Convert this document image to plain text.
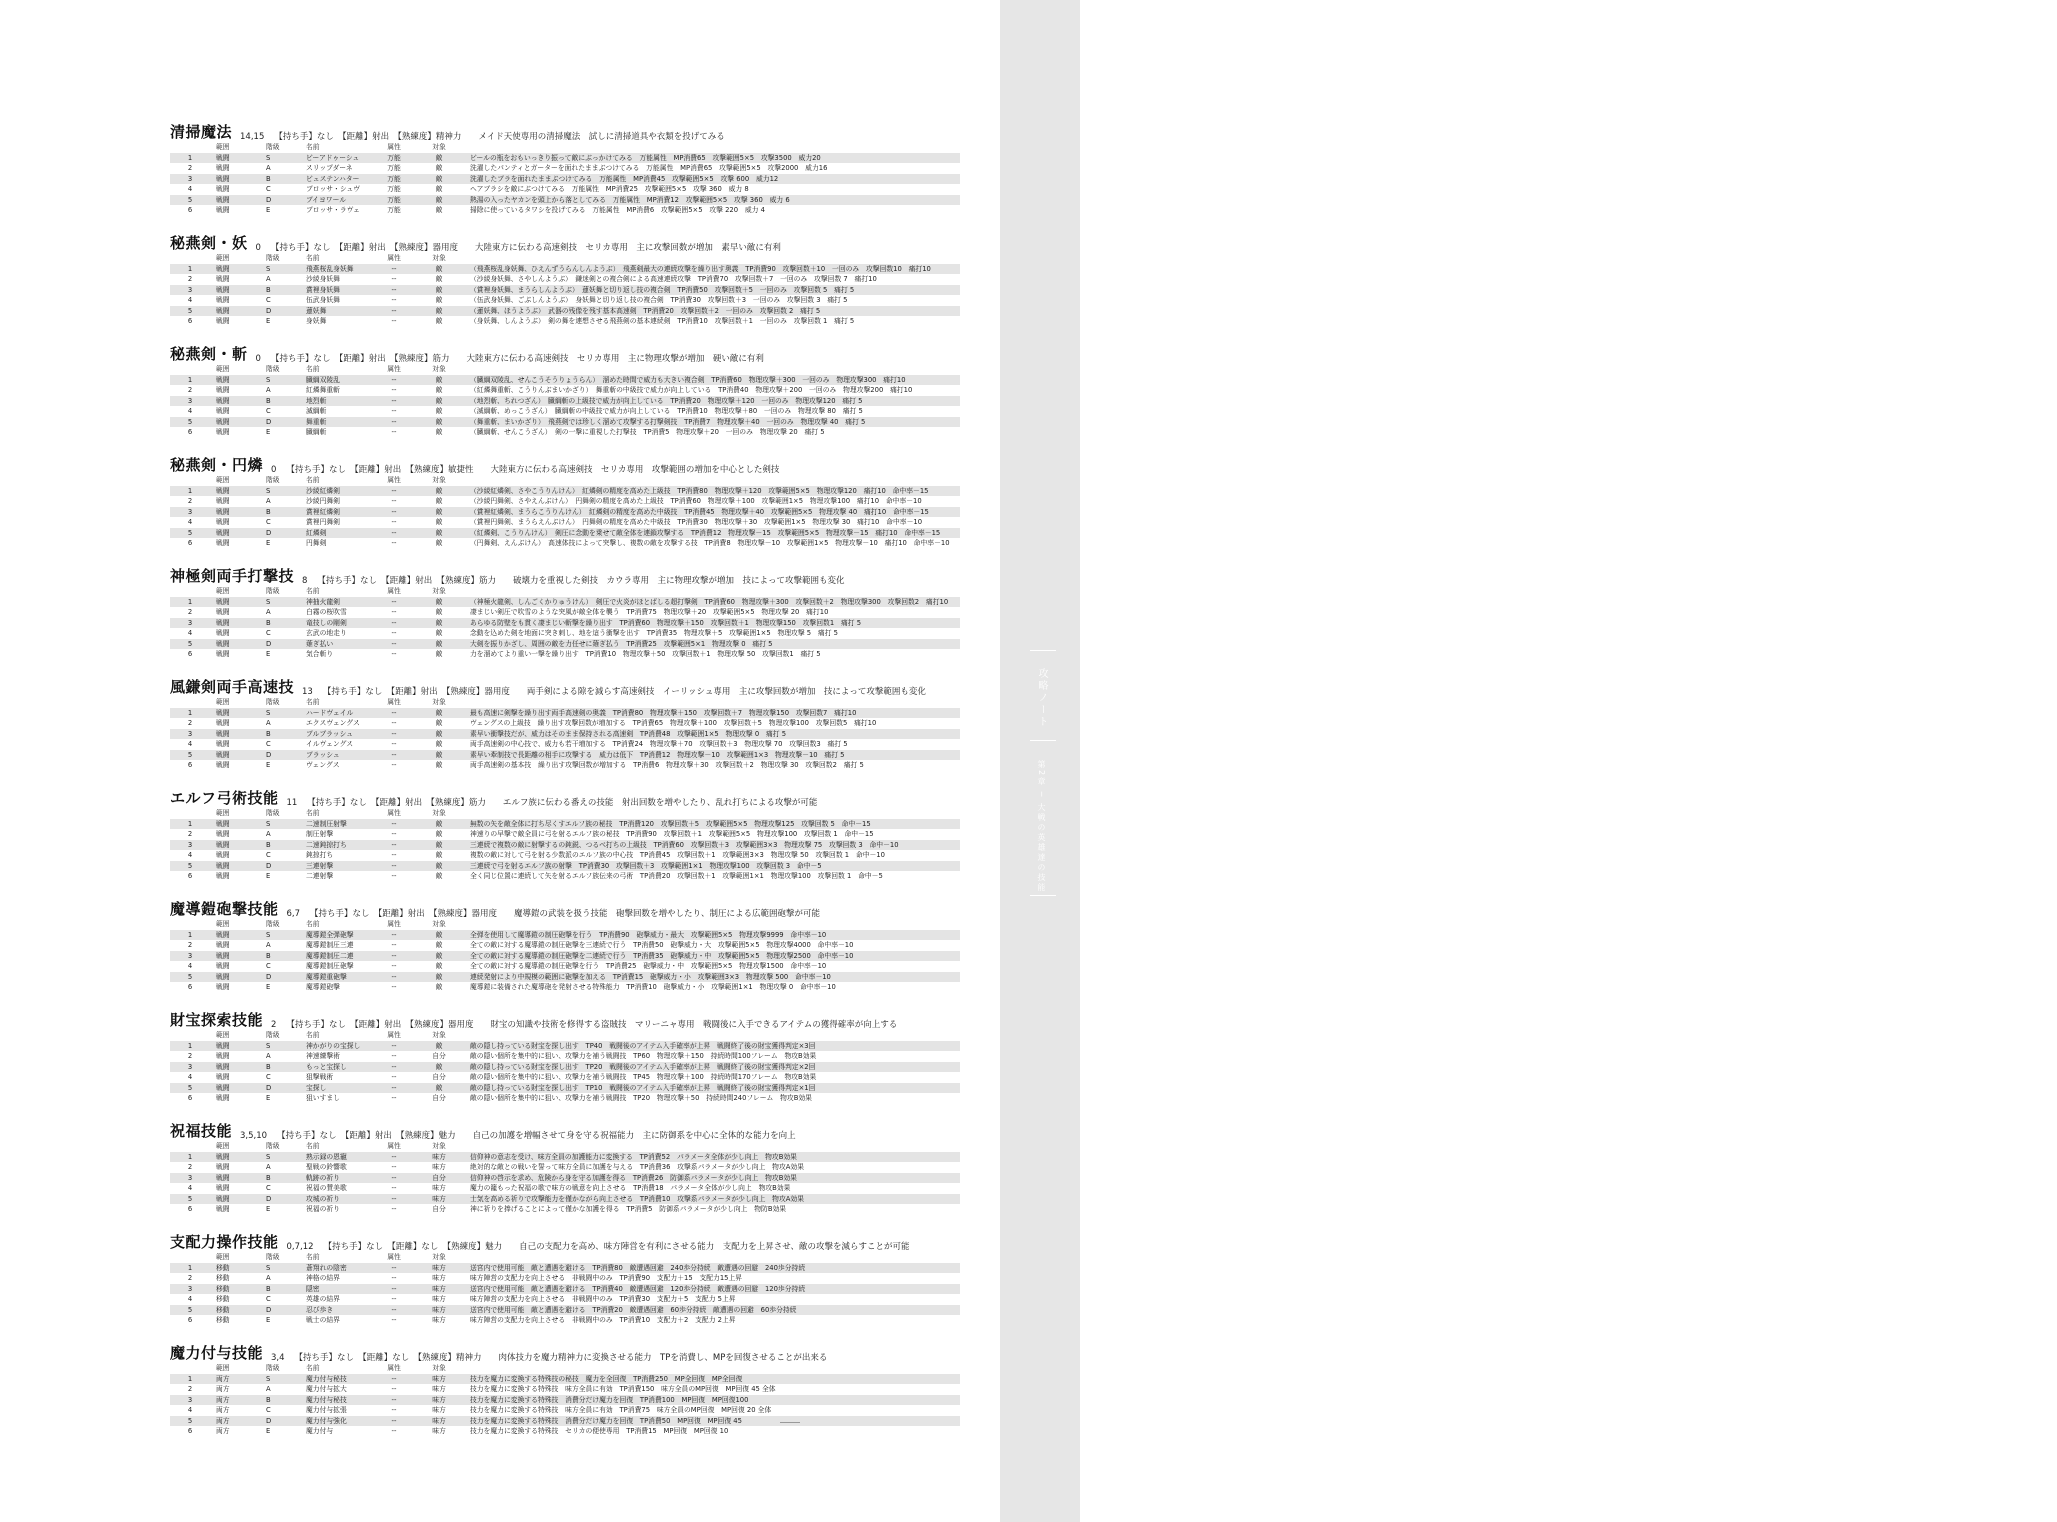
清掃魔法 14,15 【持ち手】なし　【距離】射出　【熟練度】精神力　　メイド天使専用の清掃魔法　試しに清掃道具や衣類を投げてみる
範囲	階級	名前	属性	対象
1	戦闘	S	ビーアドゥーシュ	万能	敵	ビールの瓶をおもいっきり振って敵にぶっかけてみる　万能属性　MP消費65　攻撃範囲5×5　攻撃3500　威力20
2	戦闘	A	スリップダーネ	万能	敵	洗濯したパンティとガーターを面れたままぶつけてみる　万能属性　MP消費65　攻撃範囲5×5　攻撃2000　威力16
3	戦闘	B	ビュステンハター	万能	敵	洗濯したブラを面れたままぶつけてみる　万能属性　MP消費45　攻撃範囲5×5　攻撃 600　威力12
4	戦闘	C	ブロッサ・シュヴ	万能	敵	ヘアブラシを敵にぶつけてみる　万能属性　MP消費25　攻撃範囲5×5　攻撃 360　威力 8
5	戦闘	D	ブイヨワール	万能	敵	熱湯の入ったヤカンを頭上から落としてみる　万能属性　MP消費12　攻撃範囲5×5　攻撃 360　威力 6
6	戦闘	E	ブロッサ・ラヴェ	万能	敵	掃除に使っているタワシを投げてみる　万能属性　MP消費6　攻撃範囲5×5　攻撃 220　威力 4
秘燕剣・妖 0 【持ち手】なし　【距離】射出　【熟練度】器用度　　大陸東方に伝わる高速剣技　セリカ専用　主に攻撃回数が増加　素早い敵に有利
範囲	階級	名前	属性	対象
1	戦闘	S	飛燕桜乱身妖舞	--	敵	（飛燕桜乱身妖舞、ひえんずうらんしんようぶ）　飛燕剣最大の連続攻撃を繰り出す奥義　TP消費90　攻撃回数＋10　一回のみ　攻撃回数10　痛打10
2	戦闘	A	沙綾身妖舞	--	敵	（沙綾身妖舞、さやしんようぶ）　鎌迷剣との複合剣による高速連続攻撃　TP消費70　攻撃回数＋7　一回のみ　攻撃回数 7　痛打10
3	戦闘	B	賞裡身妖舞	--	敵	（賞裡身妖舞、まうらしんようぶ）　蓮妖舞と切り返し技の複合剣　TP消費50　攻撃回数＋5　一回のみ　攻撃回数 5　痛打 5
4	戦闘	C	伍武身妖舞	--	敵	（伍武身妖舞、ごぶしんようぶ）　身妖舞と切り返し技の複合剣　TP消費30　攻撃回数＋3　一回のみ　攻撃回数 3　痛打 5
5	戦闘	D	蓮妖舞	--	敵	（蓮妖舞、ほうようぶ）　武器の残像を残す基本高速剣　TP消費20　攻撃回数＋2　一回のみ　攻撃回数 2　痛打 5
6	戦闘	E	身妖舞	--	敵	（身妖舞、しんようぶ）　剣の舞を連想させる飛燕剣の基本連続剣　TP消費10　攻撃回数＋1　一回のみ　攻撃回数 1　痛打 5
秘燕剣・斬 0 【持ち手】なし　【距離】射出　【熟練度】筋力　　大陸東方に伝わる高速剣技　セリカ専用　主に物理攻撃が増加　硬い敵に有利
範囲	階級	名前	属性	対象
1	戦闘	S	臓綱双陵乱	--	敵	（臓綱双陵乱、せんこうそうりょうらん）　溜めた時間で威力も大きい複合剣　TP消費60　物理攻撃＋300　一回のみ　物理攻撃300　痛打10
2	戦闘	A	紅燐舞重斬	--	敵	（紅燐舞重斬、こうりんぶまいかざり）　舞重斬の中級技で威力が向上している　TP消費40　物理攻撃＋200　一回のみ　物理攻撃200　痛打10
3	戦闘	B	地烈斬	--	敵	（地烈斬、ちれつざん）　臓綱斬の上級技で威力が向上している　TP消費20　物理攻撃＋120　一回のみ　物理攻撃120　痛打 5
4	戦闘	C	滅綱斬	--	敵	（滅綱斬、めっこうざん）　臓綱斬の中級技で威力が向上している　TP消費10　物理攻撃＋80　一回のみ　物理攻撃 80　痛打 5
5	戦闘	D	舞重斬	--	敵	（舞重斬、まいかざり）　飛燕剣では珍しく溜めて攻撃する打撃剣技　TP消費7　物理攻撃＋40　一回のみ　物理攻撃 40　痛打 5
6	戦闘	E	臓綱斬	--	敵	（臓綱斬、せんこうざん）　剣の一撃に重視した打撃技　TP消費5　物理攻撃＋20　一回のみ　物理攻撃 20　痛打 5
秘燕剣・円燐 0 【持ち手】なし　【距離】射出　【熟練度】敏捷性　　大陸東方に伝わる高速剣技　セリカ専用　攻撃範囲の増加を中心とした剣技
範囲	階級	名前	属性	対象
1	戦闘	S	沙綾紅燐剣	--	敵	（沙綾紅燐剣、さやこうりんけん）　紅燐剣の精度を高めた上級技　TP消費80　物理攻撃＋120　攻撃範囲5×5　物理攻撃120　痛打10　命中率－15
2	戦闘	A	沙綾円舞剣	--	敵	（沙綾円舞剣、さやえんぶけん）　円舞剣の精度を高めた上級技　TP消費60　物理攻撃＋100　攻撃範囲1×5　物理攻撃100　痛打10　命中率－10
3	戦闘	B	賞裡紅燐剣	--	敵	（賞裡紅燐剣、まうらこうりんけん）　紅燐剣の精度を高めた中級技　TP消費45　物理攻撃＋40　攻撃範囲5×5　物理攻撃 40　痛打10　命中率－15
4	戦闘	C	賞裡円舞剣	--	敵	（賞裡円舞剣、まうらえんぶけん）　円舞剣の精度を高めた中級技　TP消費30　物理攻撃＋30　攻撃範囲1×5　物理攻撃 30　痛打10　命中率－10
5	戦闘	D	紅燐剣	--	敵	（紅燐剣、こうりんけん）　剣圧に念動を乗せて敵全体を連鎖攻撃する　TP消費12　物理攻撃－15　攻撃範囲5×5　物理攻撃－15　痛打10　命中率－15
6	戦闘	E	円舞剣	--	敵	（円舞剣、えんぶけん）　高速体技によって突撃し、複数の敵を攻撃する技　TP消費8　物理攻撃－10　攻撃範囲1×5　物理攻撃－10　痛打10　命中率－10
神極剣両手打撃技 8 【持ち手】なし　【距離】射出　【熟練度】筋力　　破壊力を重視した剣技　カウラ専用　主に物理攻撃が増加　技によって攻撃範囲も変化
範囲	階級	名前	属性	対象
1	戦闘	S	神抽火龍剣	--	敵	（神極火龍剣、しんごくかりゅうけん）　剣圧で火炎がほとばしる超打撃剣　TP消費60　物理攻撃＋300　攻撃回数＋2　物理攻撃300　攻撃回数2　痛打10
2	戦闘	A	白霧の桜吹雪	--	敵	凄まじい剣圧で吹雪のような突風が敵全体を襲う　TP消費75　物理攻撃＋20　攻撃範囲5×5　物理攻撃 20　痛打10
3	戦闘	B	竜技しの剛剣	--	敵	あらゆる防壁をも貫く凄まじい斬撃を繰り出す　TP消費60　物理攻撃＋150　攻撃回数＋1　物理攻撃150　攻撃回数1　痛打 5
4	戦闘	C	玄武の地走り	--	敵	念動を込めた剣を地面に突き刺し、地を這う衝撃を出す　TP消費35　物理攻撃＋5　攻撃範囲1×5　物理攻撃 5　痛打 5
5	戦闘	D	薙ぎ払い	--	敵	大剣を振りかざし、周囲の敵を力任せに薙ぎ払う　TP消費25　攻撃範囲5×1　物理攻撃 0　痛打 5
6	戦闘	E	気合斬り	--	敵	力を溜めてより重い一撃を繰り出す　TP消費10　物理攻撃＋50　攻撃回数＋1　物理攻撃 50　攻撃回数1　痛打 5
風鎌剣両手高速技 13 【持ち手】なし　【距離】射出　【熟練度】器用度　　両手剣による隙を減らす高速剣技　イーリッシュ専用　主に攻撃回数が増加　技によって攻撃範囲も変化
範囲	階級	名前	属性	対象
1	戦闘	S	ハードヴェイル	--	敵	最も高速に剣撃を繰り出す両手高速剣の奥義　TP消費80　物理攻撃＋150　攻撃回数＋7　物理攻撃150　攻撃回数7　痛打10
2	戦闘	A	エクスヴェングス	--	敵	ヴェングスの上級技　繰り出す攻撃回数が増加する　TP消費65　物理攻撃＋100　攻撃回数＋5　物理攻撃100　攻撃回数5　痛打10
3	戦闘	B	ブルブラッシュ	--	敵	素早い衝撃技だが、威力はそのまま保持される高速剣　TP消費48　攻撃範囲1×5　物理攻撃 0　痛打 5
4	戦闘	C	イルヴェングス	--	敵	両手高速剣の中心技で、威力も若干増加する　TP消費24　物理攻撃＋70　攻撃回数＋3　物理攻撃 70　攻撃回数3　痛打 5
5	戦闘	D	ブラッシュ	--	敵	素早い牽制技で長距離の相手に攻撃する　威力は低下　TP消費12　物理攻撃－10　攻撃範囲1×3　物理攻撃－10　痛打 5
6	戦闘	E	ヴェングス	--	敵	両手高速剣の基本技　繰り出す攻撃回数が増加する　TP消費6　物理攻撃＋30　攻撃回数＋2　物理攻撃 30　攻撃回数2　痛打 5
エルフ弓術技能 11 【持ち手】なし　【距離】射出　【熟練度】筋力　　エルフ族に伝わる番えの技能　射出回数を増やしたり、乱れ打ちによる攻撃が可能
範囲	階級	名前	属性	対象
1	戦闘	S	二速制圧射撃	--	敵	無数の矢を敵全体に打ち尽くすエルフ族の秘技　TP消費120　攻撃回数＋5　攻撃範囲5×5　物理攻撃125　攻撃回数 5　命中－15
2	戦闘	A	制圧射撃	--	敵	神速りの早撃で敵全員に弓を射るエルフ族の秘技　TP消費90　攻撃回数＋1　攻撃範囲5×5　物理攻撃100　攻撃回数 1　命中－15
3	戦闘	B	二速鈍掠打ち	--	敵	三連続で複数の敵に射撃するの鈍鋭、つるべ打ちの上級技　TP消費60　攻撃回数＋3　攻撃範囲3×3　物理攻撃 75　攻撃回数 3　命中－10
4	戦闘	C	鈍掠打ち	--	敵	複数の敵に対して弓を射る少数派のエルフ族の中心技　TP消費45　攻撃回数＋1　攻撃範囲3×3　物理攻撃 50　攻撃回数 1　命中－10
5	戦闘	D	三連射撃	--	敵	三連続で弓を射るエルフ族の射撃　TP消費30　攻撃回数＋3　攻撃範囲1×1　物理攻撃100　攻撃回数 3　命中－5
6	戦闘	E	二連射撃	--	敵	全く同じ位置に連続して矢を射るエルフ族伝来の弓術　TP消費20　攻撃回数＋1　攻撃範囲1×1　物理攻撃100　攻撃回数 1　命中－5
魔導鎧砲撃技能 6,7 【持ち手】なし　【距離】射出　【熟練度】器用度　　魔導鎧の武装を扱う技能　砲撃回数を増やしたり、制圧による広範囲砲撃が可能
範囲	階級	名前	属性	対象
1	戦闘	S	魔導鎧全弾砲撃	--	敵	全弾を使用して魔導鎧の制圧砲撃を行う　TP消費90　砲撃威力・最大　攻撃範囲5×5　物理攻撃9999　命中率－10
2	戦闘	A	魔導鎧制圧三連	--	敵	全ての敵に対する魔導鎧の制圧砲撃を三連続で行う　TP消費50　砲撃威力・大　攻撃範囲5×5　物理攻撃4000　命中率－10
3	戦闘	B	魔導鎧制圧二連	--	敵	全ての敵に対する魔導鎧の制圧砲撃を二連続で行う　TP消費35　砲撃威力・中　攻撃範囲5×5　物理攻撃2500　命中率－10
4	戦闘	C	魔導鎧制圧砲撃	--	敵	全ての敵に対する魔導鎧の制圧砲撃を行う　TP消費25　砲撃威力・中　攻撃範囲5×5　物理攻撃1500　命中率－10
5	戦闘	D	魔導鎧重砲撃	--	敵	連続発射により中規模の範囲に砲撃を加える　TP消費15　砲撃威力・小　攻撃範囲3×3　物理攻撃 500　命中率－10
6	戦闘	E	魔導鎧砲撃	--	敵	魔導鎧に装備された魔導砲を発射させる特殊能力　TP消費10　砲撃威力・小　攻撃範囲1×1　物理攻撃 0　命中率－10
財宝探索技能 2 【持ち手】なし　【距離】射出　【熟練度】器用度　　財宝の知識や技術を修得する盗賊技　マリーニャ専用　戦闘後に入手できるアイテムの獲得確率が向上する
範囲	階級	名前	属性	対象
1	戦闘	S	神かがりの宝探し	--	敵	敵の隠し持っている財宝を探し出す　TP40　戦闘後のアイテム入手確率が上昇　戦闘終了後の財宝獲得判定×3回
2	戦闘	A	神速練撃術	--	自分	敵の隠い個所を集中的に狙い、攻撃力を補う戦闘技　TP60　物理攻撃＋150　持続時間100フレーム　物攻B効果
3	戦闘	B	もっと宝探し	--	敵	敵の隠し持っている財宝を探し出す　TP20　戦闘後のアイテム入手確率が上昇　戦闘終了後の財宝獲得判定×2回
4	戦闘	C	狙撃戦術	--	自分	敵の隠い個所を集中的に狙い、攻撃力を補う戦闘技　TP45　物理攻撃＋100　持続時間170フレーム　物攻B効果
5	戦闘	D	宝探し	--	敵	敵の隠し持っている財宝を探し出す　TP10　戦闘後のアイテム入手確率が上昇　戦闘終了後の財宝獲得判定×1回
6	戦闘	E	狙いすまし	--	自分	敵の隠い個所を集中的に狙い、攻撃力を補う戦闘技　TP20　物理攻撃＋50　持続時間240フレーム　物攻B効果
祝福技能 3,5,10 【持ち手】なし　【距離】射出　【熟練度】魅力　　自己の加護を増幅させて身を守る祝福能力　主に防御系を中心に全体的な能力を向上
範囲	階級	名前	属性	対象
1	戦闘	S	熟示録の恩寵	--	味方	信仰神の意志を受け、味方全員の加護能力に変換する　TP消費52　パラメータ全体が少し向上　物攻B効果
2	戦闘	A	聖戦の鈴響歌	--	味方	絶対的な敵との戦いを誓って味方全員に加護を与える　TP消費36　攻撃系パラメータが少し向上　物攻A効果
3	戦闘	B	軌跡の祈り	--	自分	信仰神の啓示を求め、危険から身を守る加護を得る　TP消費26　防御系パラメータが少し向上　物攻B効果
4	戦闘	C	祝福の賛美歌	--	味方	魔力の籠もった祝福の歌で味方の戦意を向上させる　TP消費18　パラメータ全体が少し向上　物攻B効果
5	戦闘	D	攻城の祈り	--	味方	士気を高める祈りで攻撃能力を僅かながら向上させる　TP消費10　攻撃系パラメータが少し向上　物攻A効果
6	戦闘	E	祝福の祈り	--	自分	神に祈りを捧げることによって僅かな加護を得る　TP消費5　防御系パラメータが少し向上　物防B効果
支配力操作技能 0,7,12 【持ち手】なし　【距離】なし　【熟練度】魅力　　自己の支配力を高め、味方陣営を有利にさせる能力　支配力を上昇させ、敵の攻撃を減らすことが可能
範囲	階級	名前	属性	対象
1	移動	S	蒼翔れの陰密	--	味方	送宮内で使用可能　敵と遭遇を避ける　TP消費80　敵遭遇回避　240歩分持続　敵遭遇の回避　240歩分持続
2	移動	A	神格の結界	--	味方	味方陣営の支配力を向上させる　非戦闘中のみ　TP消費90　支配力＋15　支配力15上昇
3	移動	B	隠密	--	味方	送宮内で使用可能　敵と遭遇を避ける　TP消費40　敵遭遇回避　120歩分持続　敵遭遇の回避　120歩分持続
4	移動	C	英雄の結界	--	味方	味方陣営の支配力を向上させる　非戦闘中のみ　TP消費30　支配力＋5　支配力 5上昇
5	移動	D	忍び歩き	--	味方	送宮内で使用可能　敵と遭遇を避ける　TP消費20　敵遭遇回避　60歩分持続　敵遭遇の回避　60歩分持続
6	移動	E	戦士の結界	--	味方	味方陣営の支配力を向上させる　非戦闘中のみ　TP消費10　支配力＋2　支配力 2上昇
魔力付与技能 3,4 【持ち手】なし　【距離】なし　【熟練度】精神力　　肉体技力を魔力精神力に変換させる能力　TPを消費し、MPを回復させることが出来る
範囲	階級	名前	属性	対象
1	両方	S	魔力付与秘技	--	味方	技力を魔力に変換する特殊技の秘技　魔力を全回復　TP消費250　MP全回復　MP全回復
2	両方	A	魔力付与拡大	--	味方	技力を魔力に変換する特殊技　味方全員に有効　TP消費150　味方全員のMP回復　MP回復 45 全体
3	両方	B	魔力付与秘技	--	味方	技力を魔力に変換する特殊技　消費分だけ魔力を回復　TP消費100　MP回復　MP回復100
4	両方	C	魔力付与拡張	--	味方	技力を魔力に変換する特殊技　味方全員に有効　TP消費75　味方全員のMP回復　MP回復 20 全体
5	両方	D	魔力付与強化	--	味方	技力を魔力に変換する特殊技　消費分だけ魔力を回復　TP消費50　MP回復　MP回復 45
6	両方	E	魔力付与	--	味方	技力を魔力に変換する特殊技　セリカの便使専用　TP消費15　MP回復　MP回復 10
攻略ノート
第2章 ─ 大戦の英雄達の技能
109
